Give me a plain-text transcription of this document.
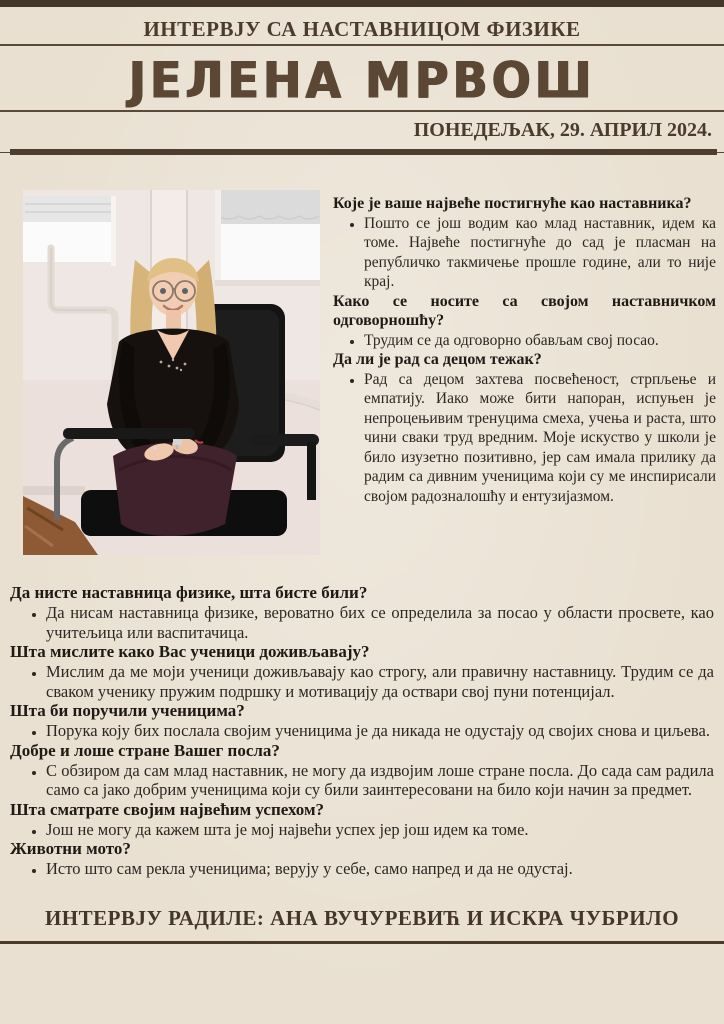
ИНТЕРВЈУ СА НАСТАВНИЦОМ ФИЗИКЕ
ЈЕЛЕНА МРВОШ
ПОНЕДЕЉАК, 29. АПРИЛ 2024.
Које је ваше највеће постигнуће као наставника?
• Пошто се још водим као млад наставник, идем ка томе. Највеће постигнуће до сад је пласман на републичко такмичење прошле године, али то није крај.
Како се носите са својом наставничком одговорношћу?
• Трудим се да одговорно обављам свој посао.
Да ли је рад са децом тежак?
• Рад са децом захтева посвећеност, стрпљење и емпатију. Иако може бити напоран, испуњен је непроцењивим тренуцима смеха, учења и раста, што чини сваки труд вредним. Моје искуство у школи је било изузетно позитивно, јер сам имала прилику да радим са дивним ученицима који су ме инспирисали својом радозналошћу и ентузијазмом.
Да нисте наставница физике, шта бисте били?
• Да нисам наставница физике, вероватно бих се определила за посао у области просвете, као учитељица или васпитачица.
Шта мислите како Вас ученици доживљавају?
• Мислим да ме моји ученици доживљавају као строгу, али правичну наставницу. Трудим се да сваком ученику пружим подршку и мотивацију да оствари свој пуни потенцијал.
Шта би поручили ученицима?
• Порука коју бих послала својим ученицима је да никада не одустају од својих снова и циљева.
Добре и лоше стране Вашег посла?
• С обзиром да сам млад наставник, не могу да издвојим лоше стране посла. До сада сам радила само са јако добрим ученицима који су били заинтересовани на било који начин за предмет.
Шта сматрате својим највећим успехом?
• Још не могу да кажем шта је мој највећи успех јер још идем ка томе.
Животни мото?
• Исто што сам рекла ученицима; верују у себе, само напред и да не одустај.
ИНТЕРВЈУ РАДИЛЕ: АНА ВУЧУРЕВИЋ И ИСКРА ЧУБРИЛО
